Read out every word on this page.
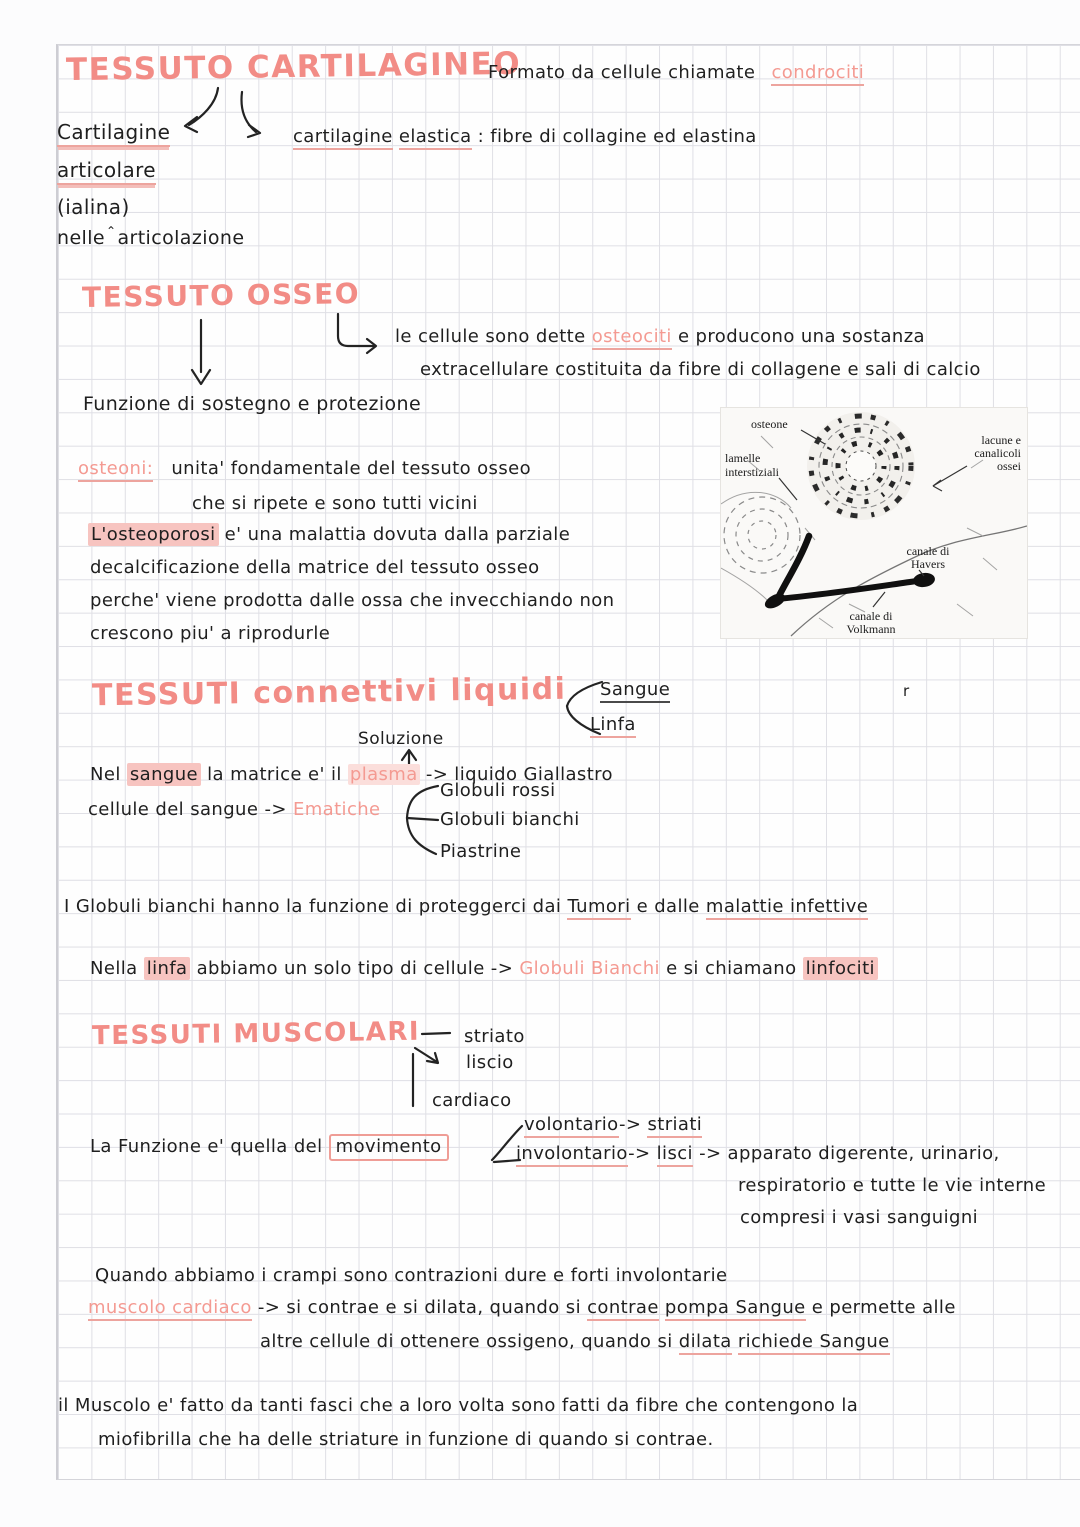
TESSUTO CARTILAGINEO
Formato da cellule chiamate condrociti
Cartilagine
articolare
(ialina)
nelle⌃articolazione
cartilagine elastica : fibre di collagine ed elastina
TESSUTO OSSEO
le cellule sono dette osteociti e producono una sostanza
extracellulare costituita da fibre di collagene e sali di calcio
Funzione di sostegno e protezione
osteoni: unita' fondamentale del tessuto osseo
che si ripete e sono tutti vicini
L'osteoporosi e' una malattia dovuta dalla parziale
decalcificazione della matrice del tessuto osseo
perche' viene prodotta dalle ossa che invecchiando non
crescono piu' a riprodurle
osteone
lamelle
interstiziali
lacune e
canalicoli
ossei
canale di
Havers
canale di
Volkmann
TESSUTI connettivi liquidi Sangue
Linfa
r
Soluzione
Nel sangue la matrice e' il plasma -> liquido Giallastro
cellule del sangue -> Ematiche
Globuli rossi
Globuli bianchi
Piastrine
I Globuli bianchi hanno la funzione di proteggerci dai Tumori e dalle malattie infettive
Nella linfa abbiamo un solo tipo di cellule -> Globuli Bianchi e si chiamano linfociti
TESSUTI MUSCOLARI striato
liscio
cardiaco
La Funzione e' quella del movimento
volontario-> striati
involontario-> lisci -> apparato digerente, urinario,
respiratorio e tutte le vie interne
compresi i vasi sanguigni
Quando abbiamo i crampi sono contrazioni dure e forti involontarie
muscolo cardiaco -> si contrae e si dilata, quando si contrae pompa Sangue e permette alle
altre cellule di ottenere ossigeno, quando si dilata richiede Sangue
il Muscolo e' fatto da tanti fasci che a loro volta sono fatti da fibre che contengono la
miofibrilla che ha delle striature in funzione di quando si contrae.
